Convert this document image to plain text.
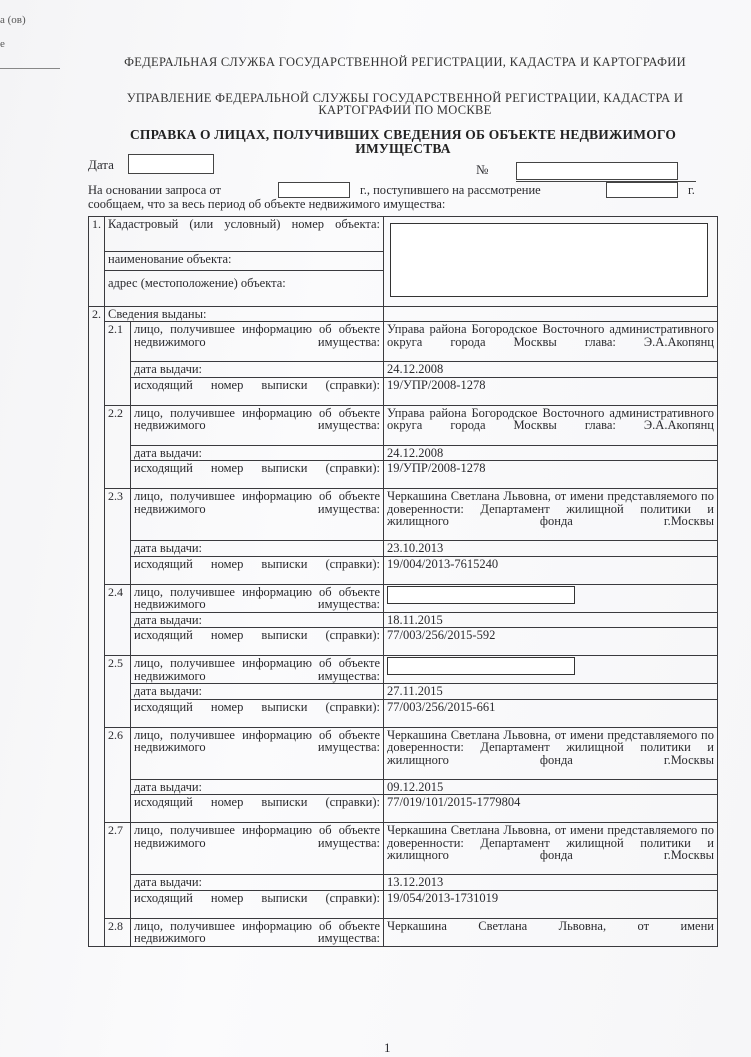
а (ов)
е
ФЕДЕРАЛЬНАЯ СЛУЖБА ГОСУДАРСТВЕННОЙ РЕГИСТРАЦИИ, КАДАСТРА И КАРТОГРАФИИ
УПРАВЛЕНИЕ ФЕДЕРАЛЬНОЙ СЛУЖБЫ ГОСУДАРСТВЕННОЙ РЕГИСТРАЦИИ, КАДАСТРА И КАРТОГРАФИИ ПО МОСКВЕ
СПРАВКА О ЛИЦАХ, ПОЛУЧИВШИХ СВЕДЕНИЯ ОБ ОБЪЕКТЕ НЕДВИЖИМОГО ИМУЩЕСТВА
Дата	№
На основании запроса от	г., поступившего на рассмотрение	г.
сообщаем, что за весь период об объекте недвижимого имущества:
1.	Кадастровый (или условный) номер объекта:		

	наименование объекта:		
	адрес (местоположение) объекта:		
2.	Сведения выданы:		
	2.1	лицо, получившее информацию об объекте недвижимого имущества:	Управа района Богородское Восточного административного округа города Москвы глава: Э.А.Акопянц

		дата выдачи:	24.12.2008

		исходящий номер выписки (справки):	19/УПР/2008-1278
	2.2	лицо, получившее информацию об объекте недвижимого имущества:	Управа района Богородское Восточного административного округа города Москвы глава: Э.А.Акопянц

		дата выдачи:	24.12.2008

		исходящий номер выписки (справки):	19/УПР/2008-1278
	2.3	лицо, получившее информацию об объекте недвижимого имущества:	Черкашина Светлана Львовна, от имени представляемого по доверенности: Департамент жилищной политики и жилищного фонда г.Москвы

		дата выдачи:	23.10.2013

		исходящий номер выписки (справки):	19/004/2013-7615240
	2.4	лицо, получившее информацию об объекте недвижимого имущества:	

		дата выдачи:	18.11.2015

		исходящий номер выписки (справки):	77/003/256/2015-592
	2.5	лицо, получившее информацию об объекте недвижимого имущества:	

		дата выдачи:	27.11.2015

		исходящий номер выписки (справки):	77/003/256/2015-661
	2.6	лицо, получившее информацию об объекте недвижимого имущества:	Черкашина Светлана Львовна, от имени представляемого по доверенности: Департамент жилищной политики и жилищного фонда г.Москвы

		дата выдачи:	09.12.2015

		исходящий номер выписки (справки):	77/019/101/2015-1779804
	2.7	лицо, получившее информацию об объекте недвижимого имущества:	Черкашина Светлана Львовна, от имени представляемого по доверенности: Департамент жилищной политики и жилищного фонда г.Москвы

		дата выдачи:	13.12.2013

		исходящий номер выписки (справки):	19/054/2013-1731019
	2.8	лицо, получившее информацию об объекте недвижимого имущества:	Черкашина Светлана Львовна, от имени
1
